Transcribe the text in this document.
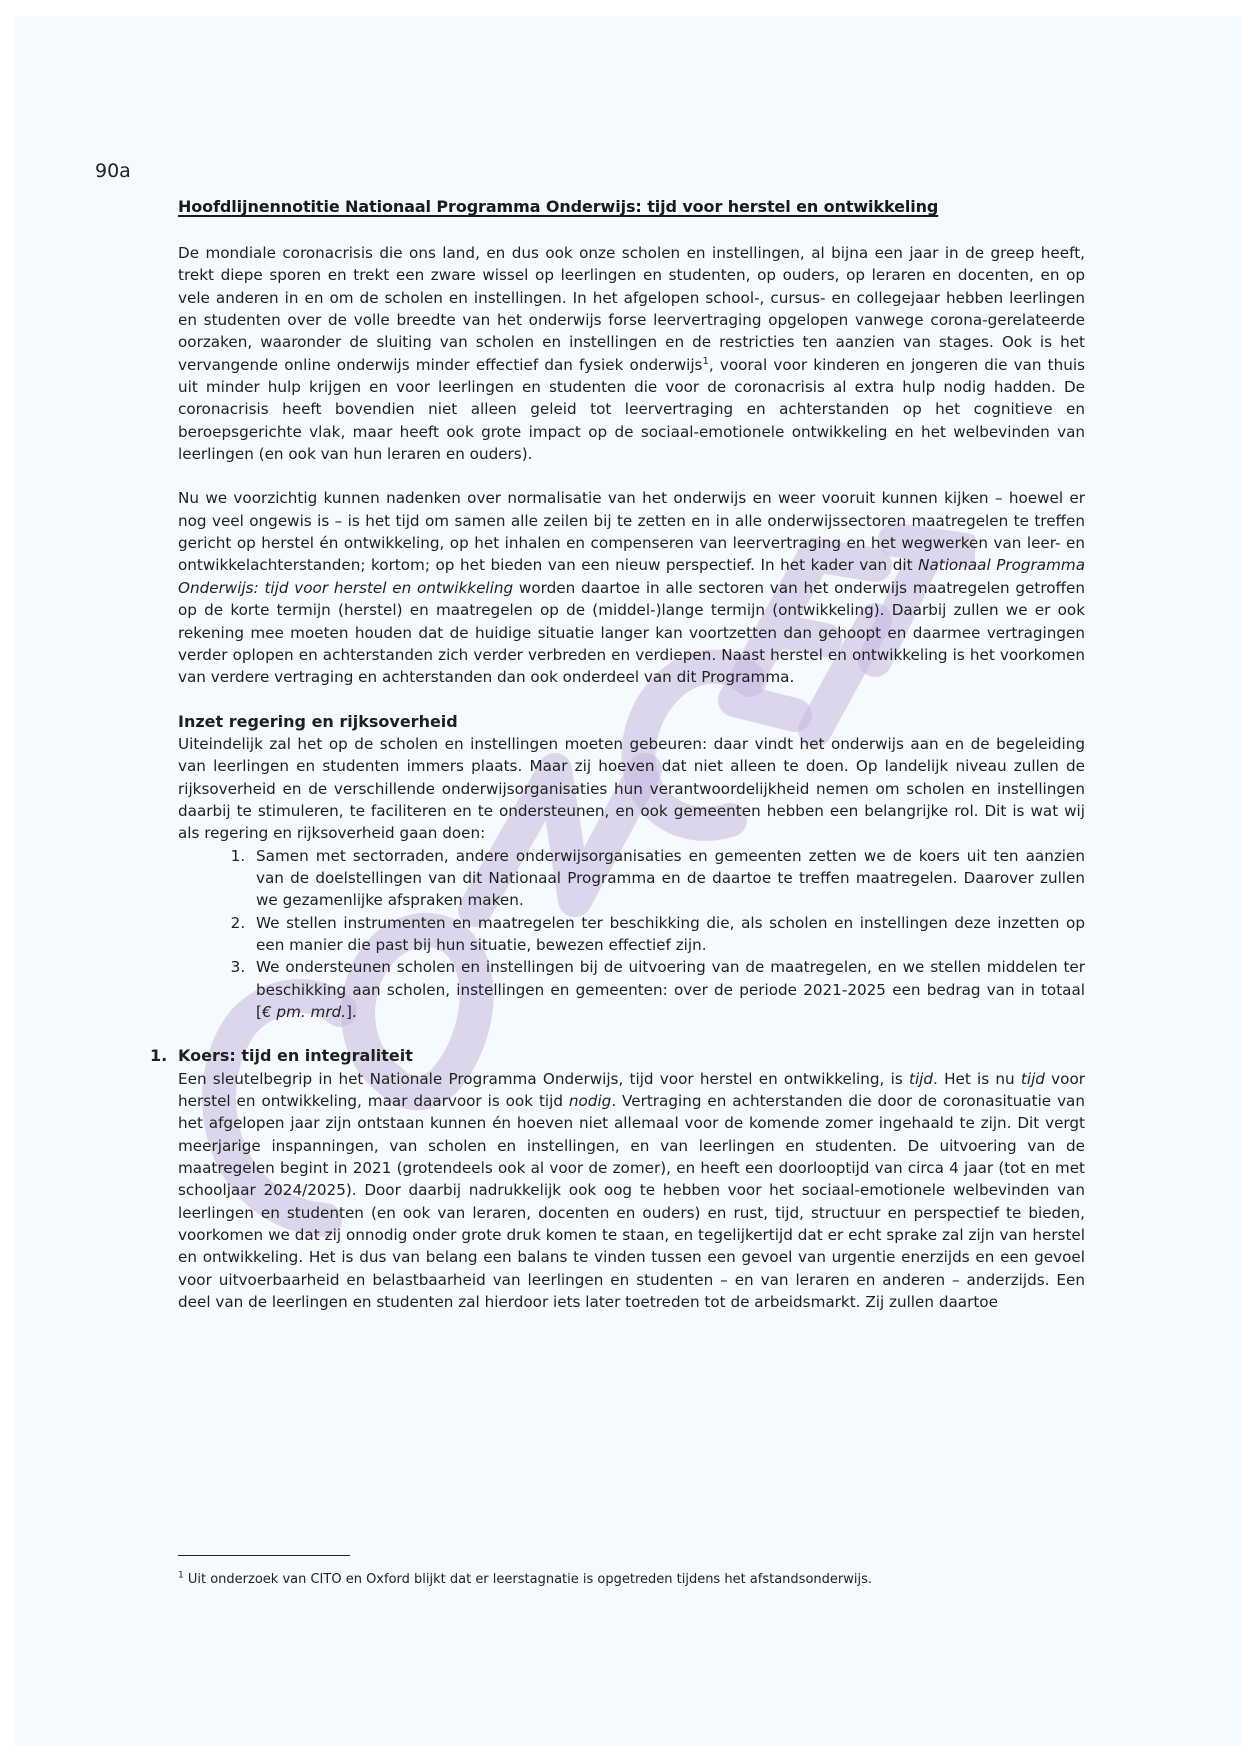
90a
Hoofdlijnennotitie Nationaal Programma Onderwijs: tijd voor herstel en ontwikkeling

De mondiale coronacrisis die ons land, en dus ook onze scholen en instellingen, al bijna een jaar in de greep heeft, trekt diepe sporen en trekt een zware wissel op leerlingen en studenten, op ouders, op leraren en docenten, en op vele anderen in en om de scholen en instellingen. In het afgelopen school-, cursus- en collegejaar hebben leerlingen en studenten over de volle breedte van het onderwijs forse leervertraging opgelopen vanwege corona-gerelateerde oorzaken, waaronder de sluiting van scholen en instellingen en de restricties ten aanzien van stages. Ook is het vervangende online onderwijs minder effectief dan fysiek onderwijs$^1$, vooral voor kinderen en jongeren die van thuis uit minder hulp krijgen en voor leerlingen en studenten die voor de coronacrisis al extra hulp nodig hadden. De coronacrisis heeft bovendien niet alleen geleid tot leervertraging en achterstanden op het cognitieve en beroepsgerichte vlak, maar heeft ook grote impact op de sociaal-emotionele ontwikkeling en het welbevinden van leerlingen (en ook van hun leraren en ouders).

Nu we voorzichtig kunnen nadenken over normalisatie van het onderwijs en weer vooruit kunnen kijken – hoewel er nog veel ongewis is – is het tijd om samen alle zeilen bij te zetten en in alle onderwijssectoren maatregelen te treffen gericht op herstel én ontwikkeling, op het inhalen en compenseren van leervertraging en het wegwerken van leer- en ontwikkelachterstanden; kortom; op het bieden van een nieuw perspectief. In het kader van dit Nationaal Programma Onderwijs: tijd voor herstel en ontwikkeling worden daartoe in alle sectoren van het onderwijs maatregelen getroffen op de korte termijn (herstel) en maatregelen op de (middel-)lange termijn (ontwikkeling). Daarbij zullen we er ook rekening mee moeten houden dat de huidige situatie langer kan voortzetten dan gehoopt en daarmee vertragingen verder oplopen en achterstanden zich verder verbreden en verdiepen. Naast herstel en ontwikkeling is het voorkomen van verdere vertraging en achterstanden dan ook onderdeel van dit Programma.

Inzet regering en rijksoverheid

Uiteindelijk zal het op de scholen en instellingen moeten gebeuren: daar vindt het onderwijs aan en de begeleiding van leerlingen en studenten immers plaats. Maar zij hoeven dat niet alleen te doen. Op landelijk niveau zullen de rijksoverheid en de verschillende onderwijsorganisaties hun verantwoordelijkheid nemen om scholen en instellingen daarbij te stimuleren, te faciliteren en te ondersteunen, en ook gemeenten hebben een belangrijke rol. Dit is wat wij als regering en rijksoverheid gaan doen:

1. Samen met sectorraden, andere onderwijsorganisaties en gemeenten zetten we de koers uit ten aanzien van de doelstellingen van dit Nationaal Programma en de daartoe te treffen maatregelen. Daarover zullen we gezamenlijke afspraken maken.
2. We stellen instrumenten en maatregelen ter beschikking die, als scholen en instellingen deze inzetten op een manier die past bij hun situatie, bewezen effectief zijn.
3. We ondersteunen scholen en instellingen bij de uitvoering van de maatregelen, en we stellen middelen ter beschikking aan scholen, instellingen en gemeenten: over de periode 2021-2025 een bedrag van in totaal [€ pm. mrd.].
1. Koers: tijd en integraliteit

Een sleutelbegrip in het Nationale Programma Onderwijs, tijd voor herstel en ontwikkeling, is tijd. Het is nu tijd voor herstel en ontwikkeling, maar daarvoor is ook tijd nodig. Vertraging en achterstanden die door de coronasituatie van het afgelopen jaar zijn ontstaan kunnen én hoeven niet allemaal voor de komende zomer ingehaald te zijn. Dit vergt meerjarige inspanningen, van scholen en instellingen, en van leerlingen en studenten. De uitvoering van de maatregelen begint in 2021 (grotendeels ook al voor de zomer), en heeft een doorlooptijd van circa 4 jaar (tot en met schooljaar 2024/2025). Door daarbij nadrukkelijk ook oog te hebben voor het sociaal-emotionele welbevinden van leerlingen en studenten (en ook van leraren, docenten en ouders) en rust, tijd, structuur en perspectief te bieden, voorkomen we dat zij onnodig onder grote druk komen te staan, en tegelijkertijd dat er echt sprake zal zijn van herstel en ontwikkeling. Het is dus van belang een balans te vinden tussen een gevoel van urgentie enerzijds en een gevoel voor uitvoerbaarheid en belastbaarheid van leerlingen en studenten – en van leraren en anderen – anderzijds. Een deel van de leerlingen en studenten zal hierdoor iets later toetreden tot de arbeidsmarkt. Zij zullen daartoe

$^1$ Uit onderzoek van CITO en Oxford blijkt dat er leerstagnatie is opgetreden tijdens het afstandsonderwijs.
